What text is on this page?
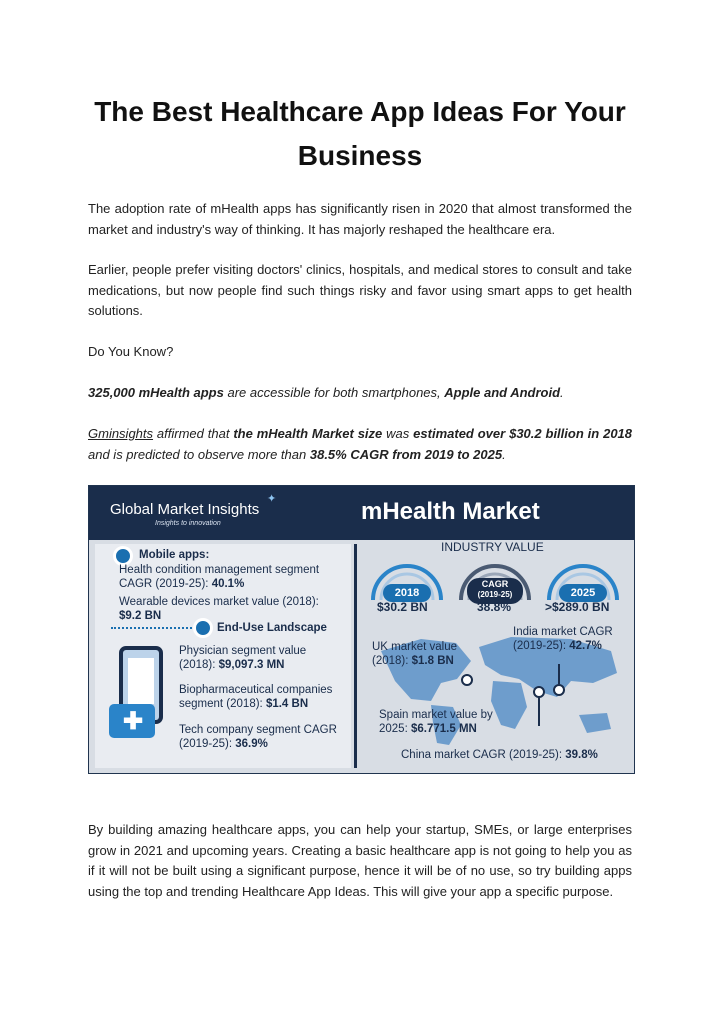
The Best Healthcare App Ideas For Your Business

The adoption rate of mHealth apps has significantly risen in 2020 that almost transformed the market and industry's way of thinking. It has majorly reshaped the healthcare era.

Earlier, people prefer visiting doctors' clinics, hospitals, and medical stores to consult and take medications, but now people find such things risky and favor using smart apps to get health solutions.

Do You Know?

325,000 mHealth apps are accessible for both smartphones, Apple and Android.

Gminsights affirmed that the mHealth Market size was estimated over $30.2 billion in 2018 and is predicted to observe more than 38.5% CAGR from 2019 to 2025.

Global Market Insights
✦
Insights to innovation	mHealth Market
Mobile apps:
Health condition management segment
CAGR (2019-25): 40.1%
Wearable devices market value (2018):
$9.2 BN
End-Use Landscape
Physician segment value
(2018): $9,097.3 MN
Biopharmaceutical companies
segment (2018): $1.4 BN
Tech company segment CAGR
(2019-25): 36.9%
✚
INDUSTRY VALUE
2018
$30.2 BN
CAGR
(2019-25)
38.8%
2025
>$289.0 BN
UK market value
(2018): $1.8 BN
India market CAGR
(2019-25): 42.7%
Spain market value by
2025: $6.771.5 MN
China market CAGR (2019-25): 39.8%

By building amazing healthcare apps, you can help your startup, SMEs, or large enterprises grow in 2021 and upcoming years. Creating a basic healthcare app is not going to help you as if it will not be built using a significant purpose, hence it will be of no use, so try building apps using the top and trending Healthcare App Ideas. This will give your app a specific purpose.
